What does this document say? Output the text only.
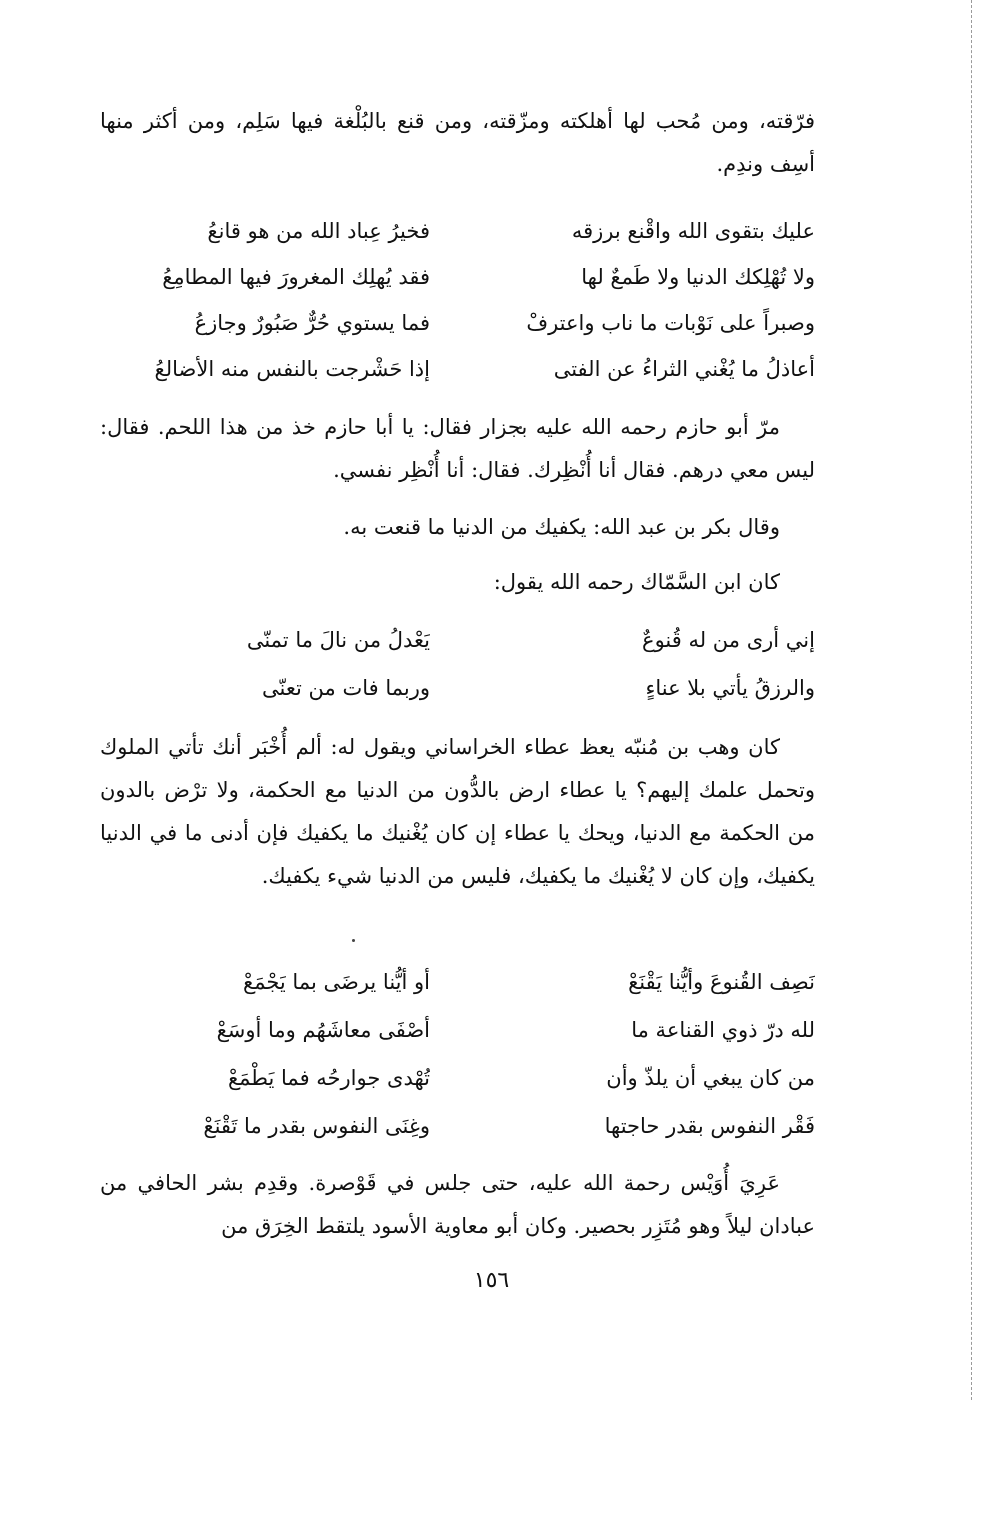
فرّقته، ومن مُحب لها أهلكته ومزّقته، ومن قنع بالبُلْغة فيها سَلِم، ومن أكثر منها أسِف وندِم.

عليك بتقوى الله واقْنع برزقه
فخيرُ عِباد الله من هو قانعُ
ولا تُهْلِكك الدنيا ولا طَمعٌ لها
فقد يُهلِك المغرورَ فيها المطامِعُ
وصبراً على نَوْبات ما ناب واعترفْ
فما يستوي حُرٌّ صَبُورٌ وجازعُ
أعاذلُ ما يُغْني الثراءُ عن الفتى
إذا حَشْرجت بالنفس منه الأضالعُ

مرّ أبو حازم رحمه الله عليه بجزار فقال: يا أبا حازم خذ من هذا اللحم. فقال: ليس معي درهم. فقال أنا أُنْظِرك. فقال: أنا أُنْظِر نفسي.

وقال بكر بن عبد الله: يكفيك من الدنيا ما قنعت به.

كان ابن السَّمّاك رحمه الله يقول:

إني أرى من له قُنوعٌ
يَعْدلُ من نالَ ما تمنّى
والرزقُ يأتي بلا عناءٍ
وربما فات من تعنّى

كان وهب بن مُنبّه يعظ عطاء الخراساني ويقول له: ألم أُخْبَر أنك تأتي الملوك وتحمل علمك إليهم؟ يا عطاء ارض بالدُّون من الدنيا مع الحكمة، ولا ترْض بالدون من الحكمة مع الدنيا، ويحك يا عطاء إن كان يُغْنيك ما يكفيك فإن أدنى ما في الدنيا يكفيك، وإن كان لا يُغْنيك ما يكفيك، فليس من الدنيا شيء يكفيك.

نَصِف القُنوعَ وأيُّنا يَقْنَعْ
أو أيُّنا يرضَى بما يَجْمَعْ
لله درّ ذوي القناعة ما
أصْفَى معاشَهُم وما أوسَعْ
من كان يبغي أن يلذّ وأن
تُهْدى جوارحُه فما يَطْمَعْ
فَقْر النفوس بقدر حاجتها
وغِنَى النفوس بقدر ما تَقْنَعْ

عَرِيَ أُوَيْس رحمة الله عليه، حتى جلس في قَوْصرة. وقدِم بشر الحافي من عبادان ليلاً وهو مُتَزِر بحصير. وكان أبو معاوية الأسود يلتقط الخِرَق من

١٥٦
